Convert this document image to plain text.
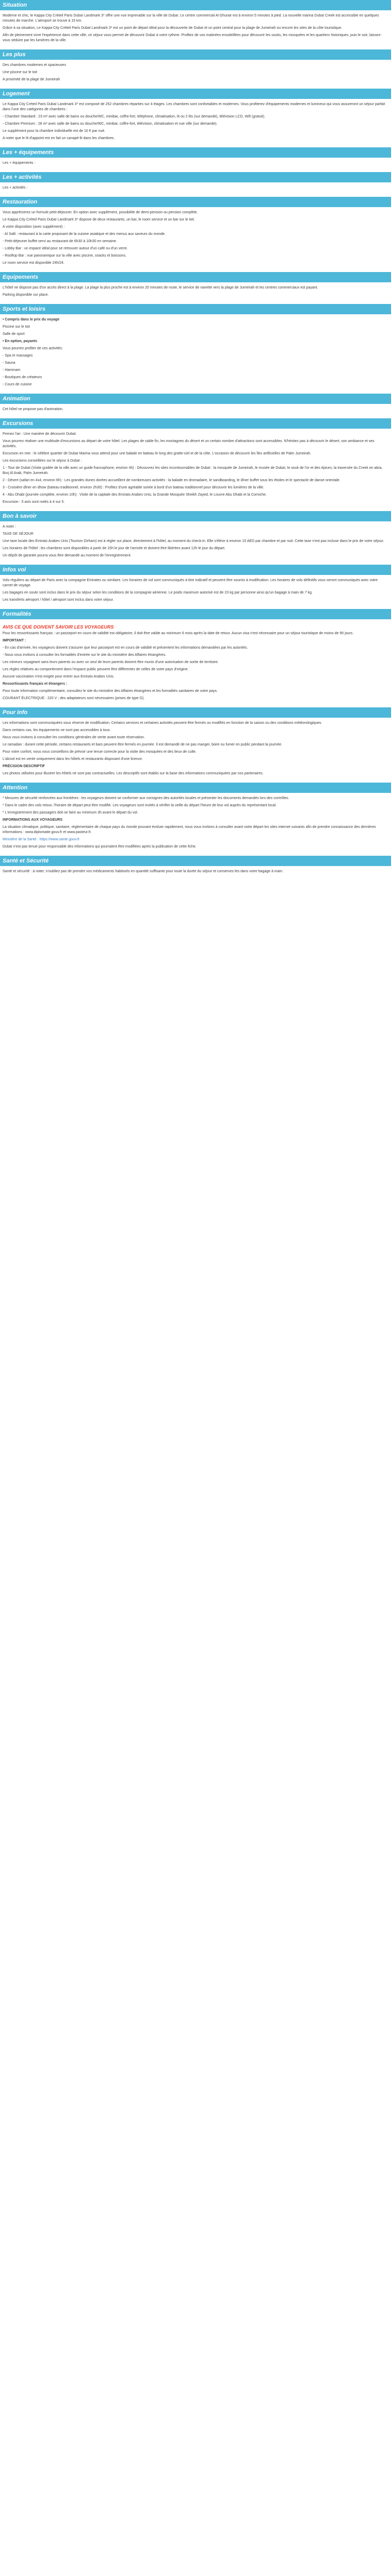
Situation

Moderne et chic, le Kappa City Créteil Paris Dubaï Landmark 3* offre une vue imprenable sur la ville de Dubaï. Le centre commercial Al Ghurair est à environ 5 minutes à pied. La nouvelle marina Dubaï Creek est accessible en quelques minutes de marche. L'aéroport se trouve à 15 km.

Grâce à sa situation, Le Kappa City Créteil Paris Dubaï Landmark 3* est un point de départ idéal pour la découverte de Dubaï et un point central pour la plage de Jumeirah ou encore les sites de la côte touristique.

Afin de pleinement vivre l'expérience dans cette ville, ce séjour vous permet de découvrir Dubaï à votre rythme. Profitez de vos matinées ensoleillées pour découvrir les souks, les mosquées et les quartiers historiques, puis le soir, laissez-vous séduire par les lumières de la ville.

Les plus

Des chambres modernes et spacieuses

Une piscine sur le toit

A proximité de la plage de Jumeirah

Logement

Le Kappa City Créteil Paris Dubaï Landmark 3* est composé de 252 chambres réparties sur 4 étages. Les chambres sont confortables et modernes. Vous profiterez d'équipements modernes et lumineux qui vous assureront un séjour parfait dans l'une des catégories de chambres :

- Chambre Standard : 23 m² avec salle de bains ou douche/WC, minibar, coffre-fort, téléphone, climatisation, lit ou 2 lits (sur demande), télévision LCD, Wifi (gratuit).

- Chambre Premium : 28 m² avec salle de bains ou douche/WC, minibar, coffre-fort, télévision, climatisation et vue ville (sur demande).

Le supplément pour la chambre individuelle est de 10 € par nuit.

A noter que le lit d'appoint est en fait un canapé-lit dans les chambres.

Les + équipements

Les + équipements :

Les + activités

Les + activités :

Restauration

Vous apprécierez un formule petit-déjeuner. En option avec supplément, possibilité de demi-pension ou pension complète.

Le Kappa City Créteil Paris Dubaï Landmark 3* dispose de deux restaurants, un bar, le room service et un bar sur le toit.

A votre disposition (avec supplément) :

- Al Salli : restaurant à la carte proposant de la cuisine asiatique et des menus aux saveurs du monde.

- Petit-déjeuner buffet servi au restaurant de 6h30 à 10h30 en semaine.

- Lobby Bar : un espace idéal pour se retrouver autour d'un café ou d'un verre.

- Rooftop Bar : vue panoramique sur la ville avec piscine, snacks et boissons.

Le room service est disponible 24h/24.

Equipements

L'hôtel ne dispose pas d'un accès direct à la plage. La plage la plus proche est à environ 20 minutes de route, le service de navette vers la plage de Jumeirah et les centres commerciaux est payant.

Parking disponible sur place.

Sports et loisirs

• Compris dans le prix du voyage

Piscine sur le toit

Salle de sport

• En option, payants

Vous pourrez profiter de ces activités:

- Spa et massages

- Sauna

- Hammam

- Boutiques de créateurs

- Cours de cuisine

Animation

Cet hôtel ne propose pas d'animation.

Excursions

Prenez l'air : Une manière de découvrir Dubaï.

Vous pourrez réaliser une multitude d'excursions au départ de votre hôtel. Les plages de sable fin, les montagnes du désert et un certain nombre d'attractions sont accessibles. N'hésitez pas à découvrir le désert, son ambiance et ses activités.

Excursion en mer : le célèbre quartier de Dubaï Marina vous attend pour une balade en bateau le long des gratte-ciel et de la côte. L'occasion de découvrir les îles artificielles de Palm Jumeirah.

Les excursions conseillées sur le séjour à Dubaï :

1 - Tour de Dubaï (Visite guidée de la ville avec un guide francophone, environ 4h) : Découvrez les sites incontournables de Dubaï : la mosquée de Jumeirah, le musée de Dubaï, le souk de l'or et des épices, la traversée du Creek en abra, Burj Al Arab, Palm Jumeirah.

2 - Désert (safari en 4x4, environ 6h) : Les grandes dunes dorées accueillent de nombreuses activités : la balade en dromadaire, le sandboarding, le dîner buffet sous les étoiles et le spectacle de danse orientale.

3 - Croisière dîner en dhow (bateau traditionnel, environ 2h30) : Profitez d'une agréable soirée à bord d'un bateau traditionnel pour découvrir les lumières de la ville.

4 - Abu Dhabi (journée complète, environ 10h) : Visite de la capitale des Emirats Arabes Unis, la Grande Mosquée Sheikh Zayed, le Louvre Abu Dhabi et la Corniche.

Excursion : 5 avis sont notés à 4 sur 5.

Bon à savoir

A noter :

TAXE DE SÉJOUR

Une taxe locale des Emirats Arabes Unis (Tourism Dirham) est à régler sur place, directement à l'hôtel, au moment du check-in. Elle s'élève à environ 15 AED par chambre et par nuit. Cette taxe n'est pas incluse dans le prix de votre séjour.

Les horaires de l'hôtel : les chambres sont disponibles à partir de 15h le jour de l'arrivée et doivent être libérées avant 12h le jour du départ.

Un dépôt de garantie pourra vous être demandé au moment de l'enregistrement.

Infos vol

Vols réguliers au départ de Paris avec la compagnie Emirates ou similaire. Les horaires de vol sont communiqués à titre indicatif et peuvent être soumis à modification. Les horaires de vols définitifs vous seront communiqués avec votre carnet de voyage.

Les bagages en soute sont inclus dans le prix du séjour selon les conditions de la compagnie aérienne. Le poids maximum autorisé est de 23 kg par personne ainsi qu'un bagage à main de 7 kg.

Les transferts aéroport / hôtel / aéroport sont inclus dans votre séjour.

Formalités

AVIS CE QUE DOIVENT SAVOIR LES VOYAGEURS

Pour les ressortissants français : un passeport en cours de validité est obligatoire, il doit être valide au minimum 6 mois après la date de retour. Aucun visa n'est nécessaire pour un séjour touristique de moins de 90 jours.

IMPORTANT :

- En cas d'arrivée, les voyageurs doivent s'assurer que leur passeport est en cours de validité et présentent les informations demandées par les autorités.

- Nous vous invitons à consulter les formalités d'entrée sur le site du ministère des Affaires étrangères.

Les mineurs voyageant sans leurs parents ou avec un seul de leurs parents doivent être munis d'une autorisation de sortie de territoire.

Les règles relatives au comportement dans l'espace public peuvent être différentes de celles de votre pays d'origine.

Aucune vaccination n'est exigée pour entrer aux Emirats Arabes Unis.

Ressortissants français et étrangers :

Pour toute information complémentaire, consultez le site du ministère des Affaires étrangères et les formalités sanitaires de votre pays.

COURANT ÉLECTRIQUE : 220 V ; des adaptateurs sont nécessaires (prises de type G).

Pour info

Les informations sont communiquées sous réserve de modification. Certains services et certaines activités peuvent être fermés ou modifiés en fonction de la saison ou des conditions météorologiques.

Dans certains cas, les équipements ne sont pas accessibles à tous.

Nous vous invitons à consulter les conditions générales de vente avant toute réservation.

Le ramadan : durant cette période, certains restaurants et bars peuvent être fermés en journée. Il est demandé de ne pas manger, boire ou fumer en public pendant la journée.

Pour votre confort, nous vous conseillons de prévoir une tenue correcte pour la visite des mosquées et des lieux de culte.

L'alcool est en vente uniquement dans les hôtels et restaurants disposant d'une licence.

PRÉCISION DESCRIPTIF

Les photos utilisées pour illustrer les hôtels ne sont pas contractuelles. Les descriptifs sont établis sur la base des informations communiquées par nos partenaires.

Attention

* Mesures de sécurité renforcées aux frontières : les voyageurs doivent se conformer aux consignes des autorités locales et présenter les documents demandés lors des contrôles.

* Dans le cadre des vols retour, l'horaire de départ peut être modifié. Les voyageurs sont invités à vérifier la veille du départ l'heure de leur vol auprès du représentant local.

* L'enregistrement des passagers doit se faire au minimum 3h avant le départ du vol.

INFORMATIONS AUX VOYAGEURS

La situation climatique, politique, sanitaire, réglementaire de chaque pays du monde pouvant évoluer rapidement, nous vous invitons à consulter avant votre départ les sites internet suivants afin de prendre connaissance des dernières informations : www.diplomatie.gouv.fr et www.pasteur.fr.

Ministère de la Santé : https://www.sante.gouv.fr

Dubaï n'est pas tenue pour responsable des informations qui pourraient être modifiées après la publication de cette fiche.

Santé et Sécurité

Santé et sécurité : à noter, n'oubliez pas de prendre vos médicaments habituels en quantité suffisante pour toute la durée du séjour et conservez-les dans votre bagage à main.
